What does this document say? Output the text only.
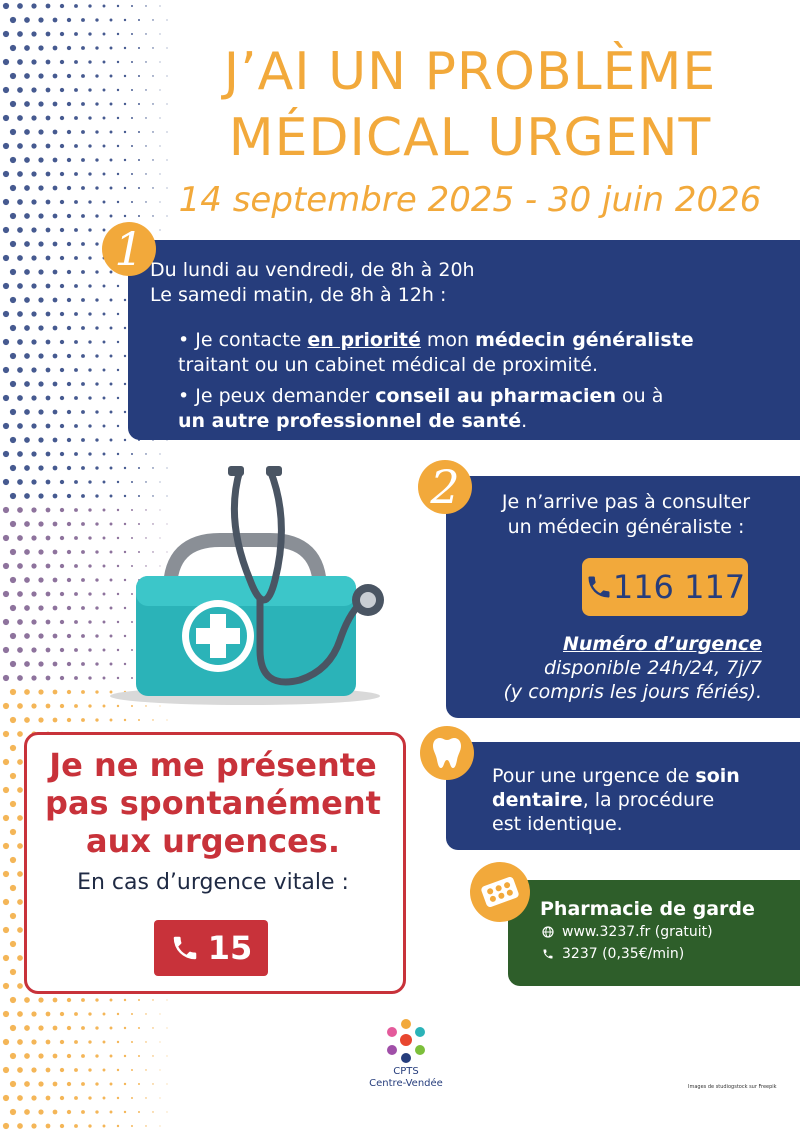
J’AI UN PROBLÈME
MÉDICAL URGENT
14 septembre 2025 - 30 juin 2026
1 Du lundi au vendredi, de 8h à 20h
Le samedi matin, de 8h à 12h :
• Je contacte en priorité mon médecin généraliste
traitant ou un cabinet médical de proximité.
• Je peux demander conseil au pharmacien ou à
un autre professionnel de santé.
2	Je n’arrive pas à consulter
un médecin généraliste :
116 117
Numéro d’urgence
disponible 24h/24, 7j/7
(y compris les jours fériés).
Pour une urgence de soin
dentaire, la procédure
est identique.
Pharmacie de garde
www.3237.fr (gratuit)
3237 (0,35€/min)
Je ne me présente
pas spontanément
aux urgences.
En cas d’urgence vitale :
15
CPTS
Centre-Vendée	Images de studiogstock sur Freepik
